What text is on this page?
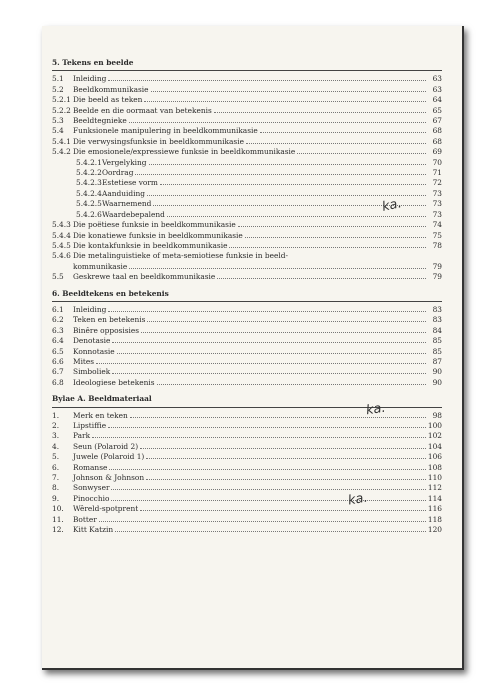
5. Tekens en beelde
5.1	Inleiding	63
5.2	Beeldkommunikasie	63
5.2.1 Die beeld as teken	64
5.2.2 Beelde en die oormaat van betekenis	65
5.3	Beeldtegnieke	67
5.4	Funksionele manipulering in beeldkommunikasie	68
5.4.1 Die verwysingsfunksie in beeldkommunikasie	68
5.4.2 Die emosionele/expressiewe funksie in beeldkommunikasie	69
5.4.2.1 Vergelyking	70
5.4.2.2 Oordrag	71
5.4.2.3 Estetiese vorm	72
5.4.2.4 Aanduiding	73
5.4.2.5 Waarnemend	73
5.4.2.6 Waardebepalend	73
5.4.3 Die poëtiese funksie in beeldkommunikasie	74
5.4.4 Die konatiewe funksie in beeldkommunikasie	75
5.4.5 Die kontakfunksie in beeldkommunikasie	78
5.4.6 Die metalinguistieke of meta-semiotiese funksie in beeld-
kommunikasie	79
5.5	Geskrewe taal en beeldkommunikasie	79
6. Beeldtekens en betekenis
6.1	Inleiding	83
6.2	Teken en betekenis	83
6.3	Binêre opposisies	84
6.4	Denotasie	85
6.5	Konnotasie	85
6.6	Mites	87
6.7	Simboliek	90
6.8	Ideologiese betekenis	90
Bylae A. Beeldmateriaal
1.	Merk en teken	98
2.	Lipstiffie	100
3.	Park	102
4.	Seun (Polaroid 2)	104
5.	Juwele (Polaroid 1)	106
6.	Romanse	108
7.	Johnson & Johnson	110
8.	Sonwyser	112
9.	Pinocchio	114
10.	Wêreld-spotprent	116
11.	Botter	118
12.	Kitt Katzin	120
ka.
ka.
ka.
